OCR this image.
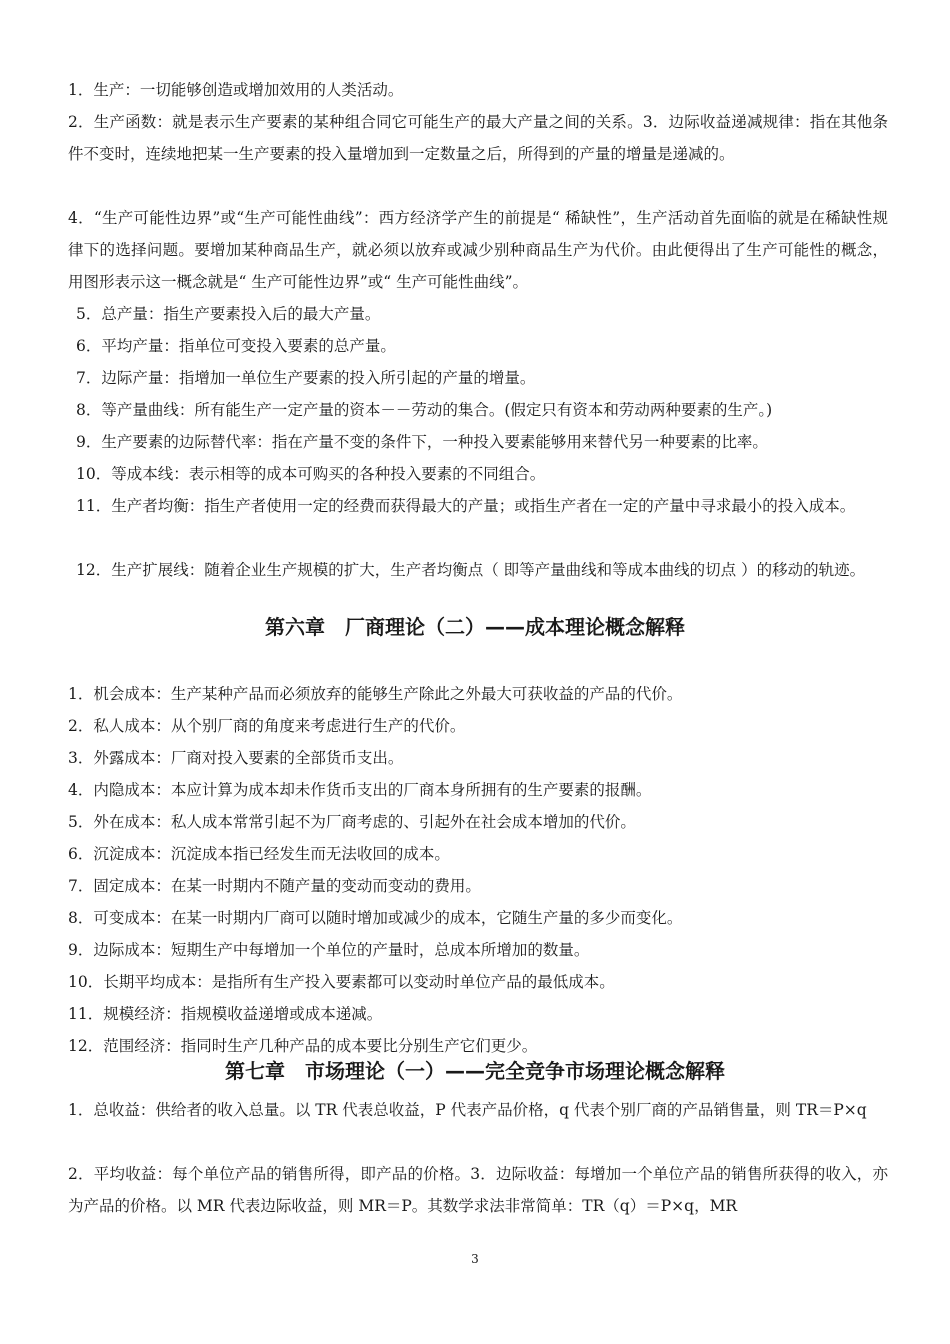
1．生产：一切能够创造或增加效用的人类活动。

2．生产函数：就是表示生产要素的某种组合同它可能生产的最大产量之间的关系。3．边际收益递减规律：指在其他条件不变时，连续地把某一生产要素的投入量增加到一定数量之后，所得到的产量的增量是递减的。

4．“生产可能性边界”或“生产可能性曲线”：西方经济学产生的前提是“ 稀缺性”，生产活动首先面临的就是在稀缺性规律下的选择问题。要增加某种商品生产，就必须以放弃或减少别种商品生产为代价。由此便得出了生产可能性的概念，用图形表示这一概念就是“ 生产可能性边界”或“ 生产可能性曲线”。

5．总产量：指生产要素投入后的最大产量。

6．平均产量：指单位可变投入要素的总产量。

7．边际产量：指增加一单位生产要素的投入所引起的产量的增量。

8．等产量曲线：所有能生产一定产量的资本－－劳动的集合。(假定只有资本和劳动两种要素的生产。)

9．生产要素的边际替代率：指在产量不变的条件下，一种投入要素能够用来替代另一种要素的比率。

10．等成本线：表示相等的成本可购买的各种投入要素的不同组合。

11．生产者均衡：指生产者使用一定的经费而获得最大的产量；或指生产者在一定的产量中寻求最小的投入成本。

12．生产扩展线：随着企业生产规模的扩大，生产者均衡点（ 即等产量曲线和等成本曲线的切点 ）的移动的轨迹。

第六章　厂商理论（二）——成本理论概念解释

1．机会成本：生产某种产品而必须放弃的能够生产除此之外最大可获收益的产品的代价。

2．私人成本：从个别厂商的角度来考虑进行生产的代价。

3．外露成本：厂商对投入要素的全部货币支出。

4．内隐成本：本应计算为成本却未作货币支出的厂商本身所拥有的生产要素的报酬。

5．外在成本：私人成本常常引起不为厂商考虑的、引起外在社会成本增加的代价。

6．沉淀成本：沉淀成本指已经发生而无法收回的成本。

7．固定成本：在某一时期内不随产量的变动而变动的费用。

8．可变成本：在某一时期内厂商可以随时增加或减少的成本，它随生产量的多少而变化。

9．边际成本：短期生产中每增加一个单位的产量时，总成本所增加的数量。

10．长期平均成本：是指所有生产投入要素都可以变动时单位产品的最低成本。

11．规模经济：指规模收益递增或成本递减。

12．范围经济：指同时生产几种产品的成本要比分别生产它们更少。

第七章　市场理论（一）——完全竞争市场理论概念解释

1．总收益：供给者的收入总量。以 TR 代表总收益，P 代表产品价格，q 代表个别厂商的产品销售量，则 TR＝P×q

2．平均收益：每个单位产品的销售所得，即产品的价格。3．边际收益：每增加一个单位产品的销售所获得的收入，亦为产品的价格。以 MR 代表边际收益，则 MR＝P。其数学求法非常简单：TR（q）＝P×q，MR

3
